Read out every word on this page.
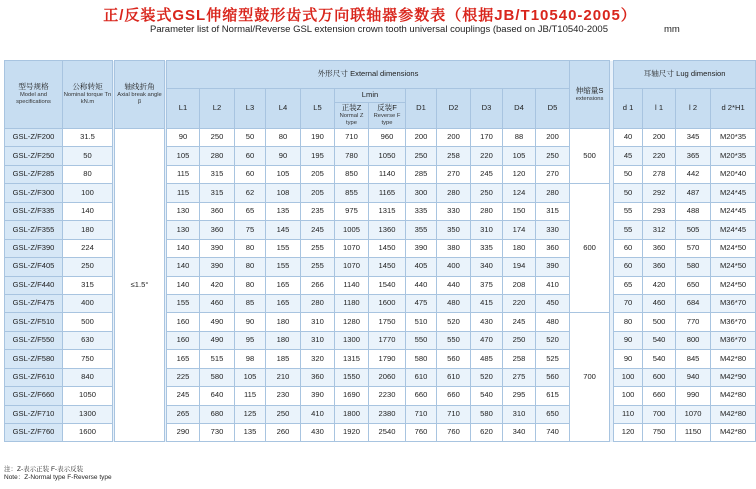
正/反装式GSL伸缩型鼓形齿式万向联轴器参数表（根据JB/T10540-2005）
Parameter list of Normal/Reverse GSL extension crown tooth universal couplings (based on JB/T10540-2005	mm
型号规格
Model and specifications	公称转矩
Nominal torque Tn kN.m		轴线折角
Axial break angle β		外形尺寸 External dimensions												伸缩量S
extensions		耳轴尺寸 Lug dimension			
					L1	L2	L3	L4	L5	Lmin		D1	D2	D3	D4	D5			d 1	l 1	l 2	d 2*H1

										正装Z
Normal Z type	反装F
Reverse F type											

GSL-Z/F200	31.5		≤1.5°		90	250	50	80	190	710	960	200	200	170	88	200	500		40	200	345	M20*35
GSL-Z/F250	50				105	280	60	90	195	780	1050	250	258	220	105	250			45	220	365	M20*35
GSL-Z/F285	80				115	315	60	105	205	850	1140	285	270	245	120	270			50	278	442	M20*40
GSL-Z/F300	100				115	315	62	108	205	855	1165	300	280	250	124	280	600		50	292	487	M24*45
GSL-Z/F335	140				130	360	65	135	235	975	1315	335	330	280	150	315			55	293	488	M24*45
GSL-Z/F355	180				130	360	75	145	245	1005	1360	355	350	310	174	330			55	312	505	M24*45
GSL-Z/F390	224				140	390	80	155	255	1070	1450	390	380	335	180	360			60	360	570	M24*50
GSL-Z/F405	250				140	390	80	155	255	1070	1450	405	400	340	194	390			60	360	580	M24*50
GSL-Z/F440	315				140	420	80	165	266	1140	1540	440	440	375	208	410			65	420	650	M24*50
GSL-Z/F475	400				155	460	85	165	280	1180	1600	475	480	415	220	450			70	460	684	M36*70
GSL-Z/F510	500				160	490	90	180	310	1280	1750	510	520	430	245	480	700		80	500	770	M36*70
GSL-Z/F550	630				160	490	95	180	310	1300	1770	550	550	470	250	520			90	540	800	M36*70
GSL-Z/F580	750				165	515	98	185	320	1315	1790	580	560	485	258	525			90	540	845	M42*80
GSL-Z/F610	840				225	580	105	210	360	1550	2060	610	610	520	275	560			100	600	940	M42*90
GSL-Z/F660	1050				245	640	115	230	390	1690	2230	660	660	540	295	615			100	660	990	M42*80
GSL-Z/F710	1300				265	680	125	250	410	1800	2380	710	710	580	310	650			110	700	1070	M42*80
GSL-Z/F760	1600				290	730	135	260	430	1920	2540	760	760	620	340	740			120	750	1150	M42*80
注：Z-表示正装 F-表示反装
Note：Z-Normal type F-Reverse type
